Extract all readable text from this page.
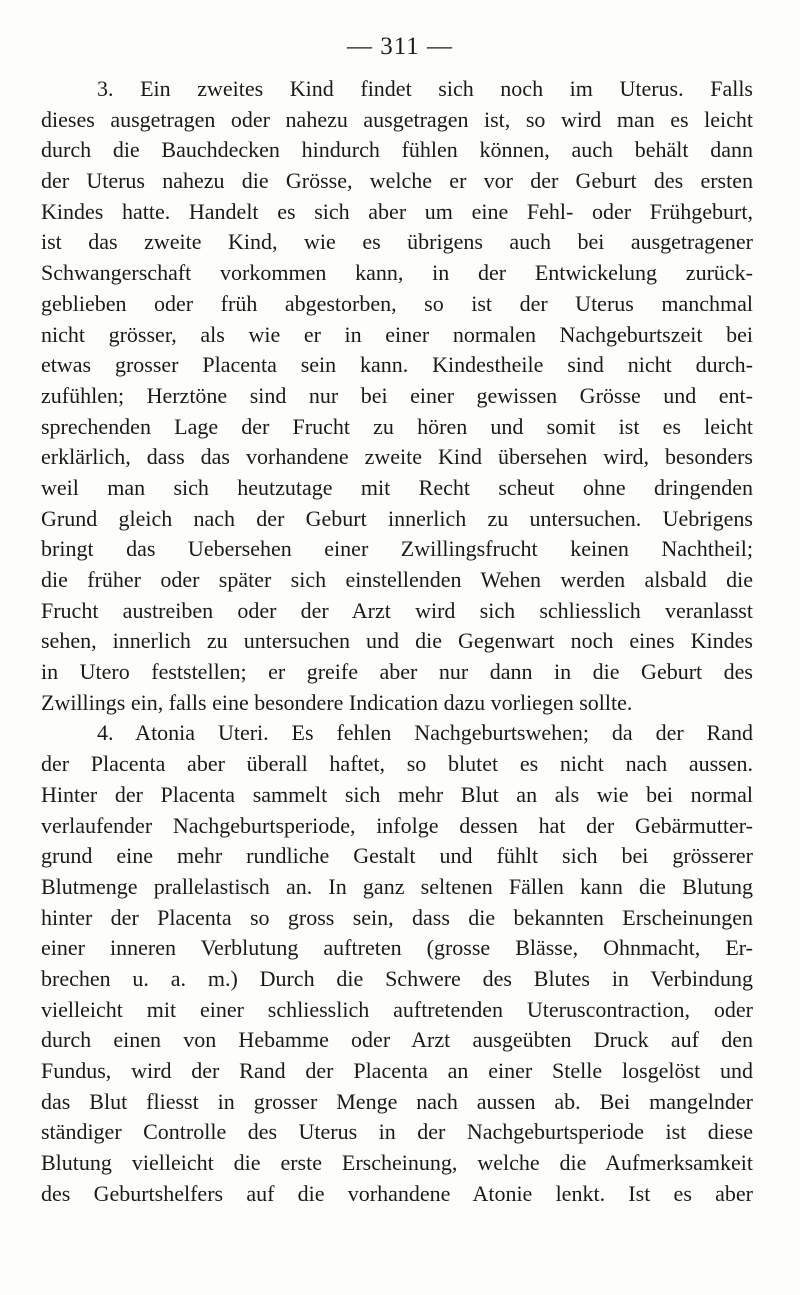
— 311 —
3. Ein zweites Kind findet sich noch im Uterus. Falls
dieses ausgetragen oder nahezu ausgetragen ist, so wird man es leicht
durch die Bauchdecken hindurch fühlen können, auch behält dann
der Uterus nahezu die Grösse, welche er vor der Geburt des ersten
Kindes hatte. Handelt es sich aber um eine Fehl- oder Frühgeburt,
ist das zweite Kind, wie es übrigens auch bei ausgetragener
Schwangerschaft vorkommen kann, in der Entwickelung zurück-
geblieben oder früh abgestorben, so ist der Uterus manchmal
nicht grösser, als wie er in einer normalen Nachgeburtszeit bei
etwas grosser Placenta sein kann. Kindestheile sind nicht durch-
zufühlen; Herztöne sind nur bei einer gewissen Grösse und ent-
sprechenden Lage der Frucht zu hören und somit ist es leicht
erklärlich, dass das vorhandene zweite Kind übersehen wird, besonders
weil man sich heutzutage mit Recht scheut ohne dringenden
Grund gleich nach der Geburt innerlich zu untersuchen. Uebrigens
bringt das Uebersehen einer Zwillingsfrucht keinen Nachtheil;
die früher oder später sich einstellenden Wehen werden alsbald die
Frucht austreiben oder der Arzt wird sich schliesslich veranlasst
sehen, innerlich zu untersuchen und die Gegenwart noch eines Kindes
in Utero feststellen; er greife aber nur dann in die Geburt des
Zwillings ein, falls eine besondere Indication dazu vorliegen sollte.
4. Atonia Uteri. Es fehlen Nachgeburtswehen; da der Rand
der Placenta aber überall haftet, so blutet es nicht nach aussen.
Hinter der Placenta sammelt sich mehr Blut an als wie bei normal
verlaufender Nachgeburtsperiode, infolge dessen hat der Gebärmutter-
grund eine mehr rundliche Gestalt und fühlt sich bei grösserer
Blutmenge prallelastisch an. In ganz seltenen Fällen kann die Blutung
hinter der Placenta so gross sein, dass die bekannten Erscheinungen
einer inneren Verblutung auftreten (grosse Blässe, Ohnmacht, Er-
brechen u. a. m.) Durch die Schwere des Blutes in Verbindung
vielleicht mit einer schliesslich auftretenden Uteruscontraction, oder
durch einen von Hebamme oder Arzt ausgeübten Druck auf den
Fundus, wird der Rand der Placenta an einer Stelle losgelöst und
das Blut fliesst in grosser Menge nach aussen ab. Bei mangelnder
ständiger Controlle des Uterus in der Nachgeburtsperiode ist diese
Blutung vielleicht die erste Erscheinung, welche die Aufmerksamkeit
des Geburtshelfers auf die vorhandene Atonie lenkt. Ist es aber
